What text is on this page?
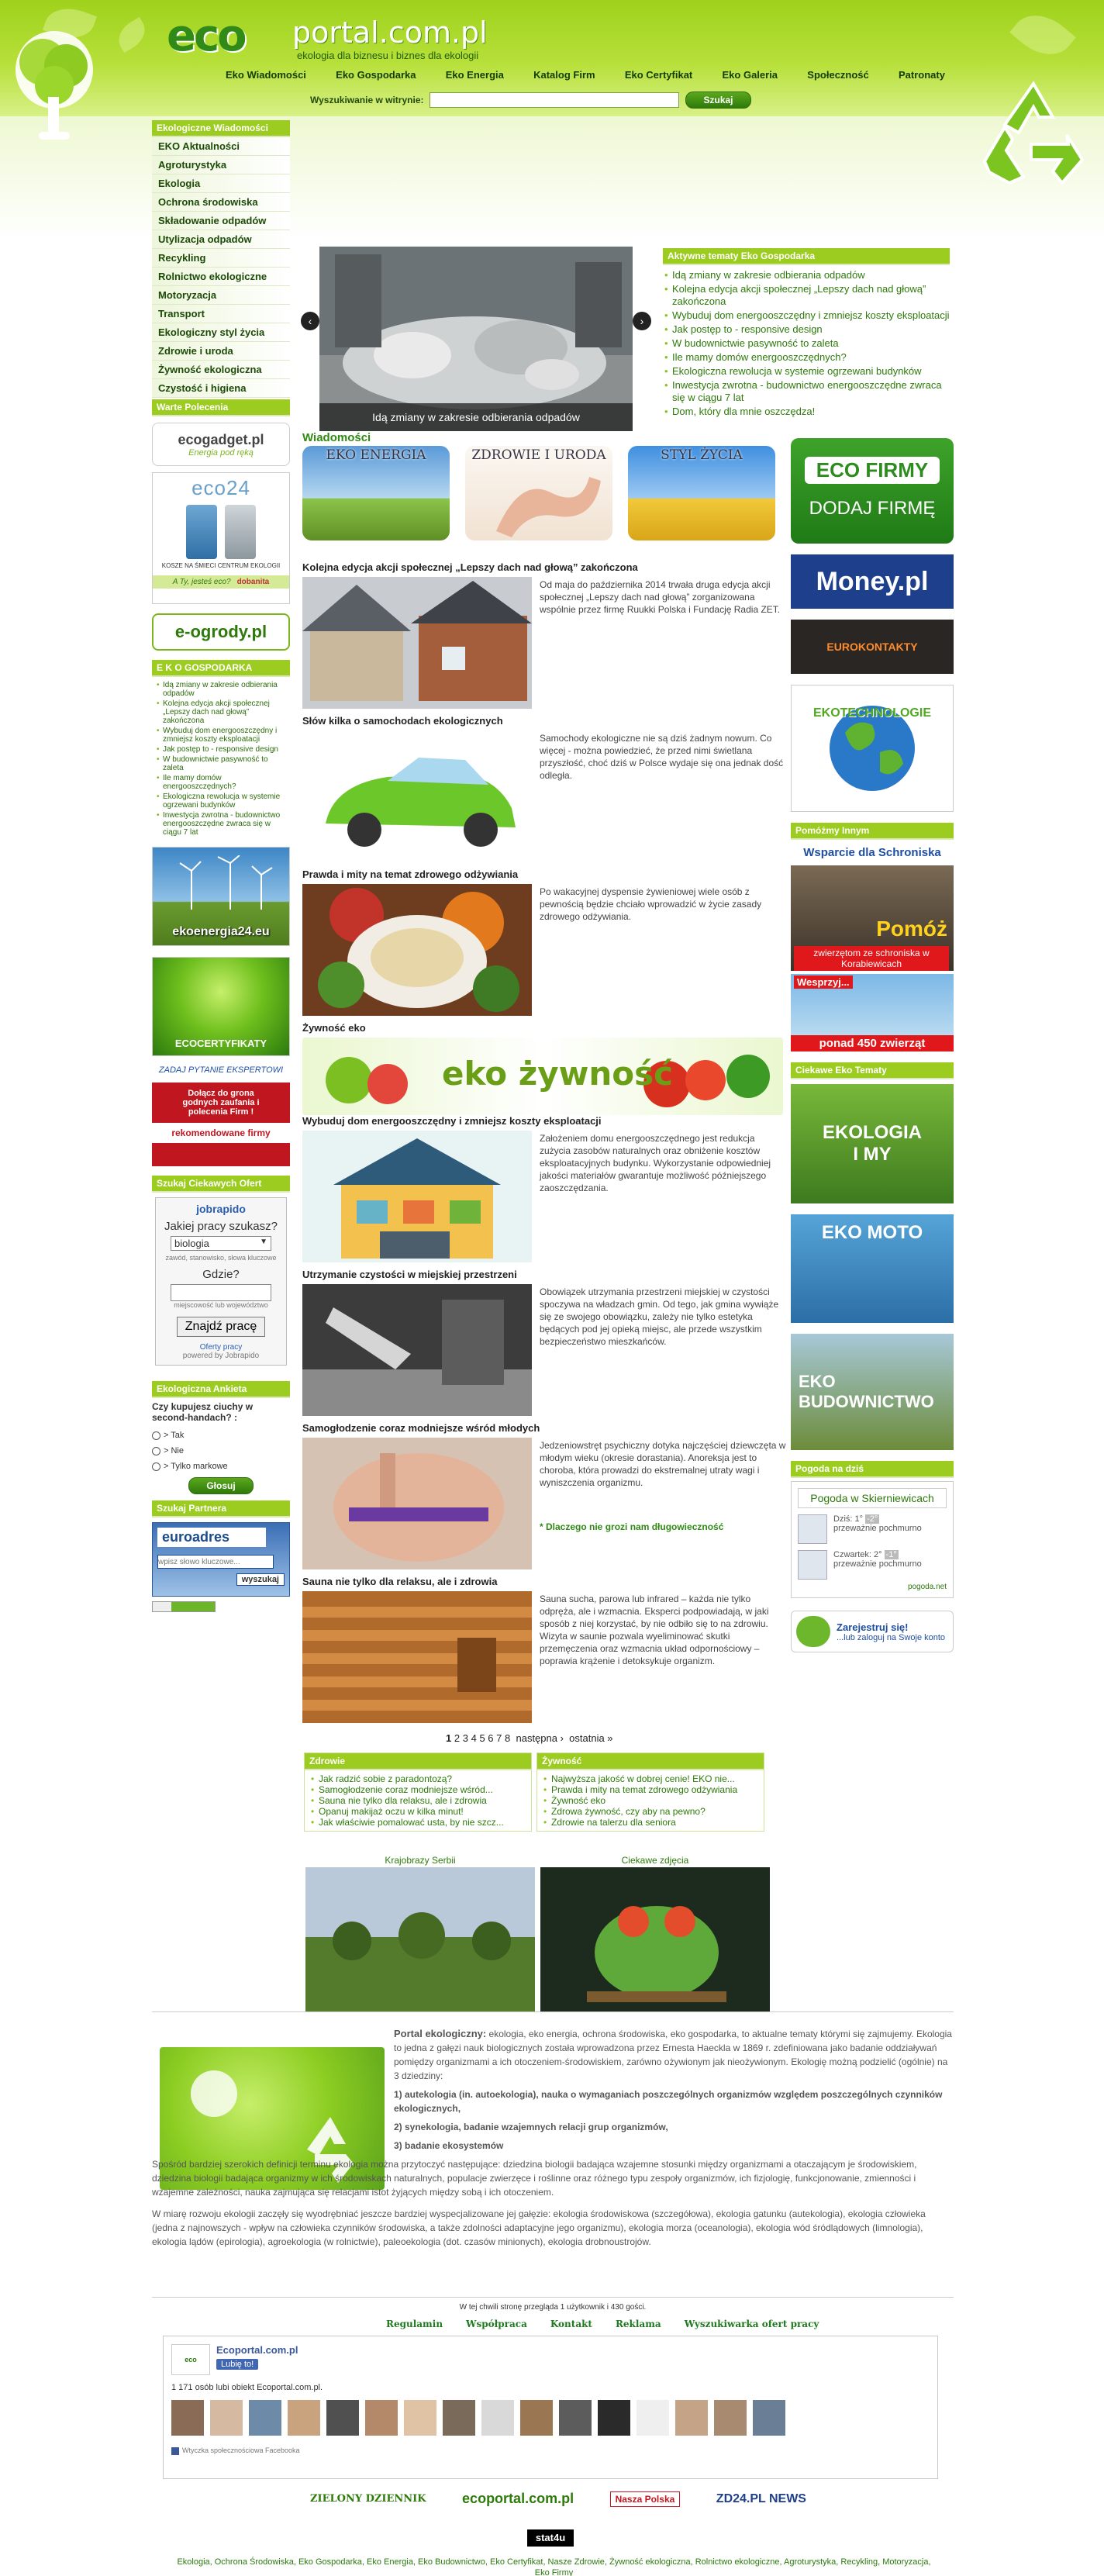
eco portal.com.pl
ekologia dla biznesu i biznes dla ekologii
Eko Wiadomości	Eko Gospodarka	Eko Energia	Katalog Firm	Eko Certyfikat	Eko Galeria	Społeczność	Patronaty
Wyszukiwanie w witrynie:	Szukaj
Ekologiczne Wiadomości
EKO Aktualności
Agroturystyka
Ekologia
Ochrona środowiska
Składowanie odpadów
Utylizacja odpadów
Recykling
Rolnictwo ekologiczne
Motoryzacja
Transport
Ekologiczny styl życia
Zdrowie i uroda
Żywność ekologiczna
Czystość i higiena
Warte Polecenia
ecogadget.pl
Energia pod ręką
eco24
KOSZE NA ŚMIECI CENTRUM EKOLOGII
A Ty, jesteś eco? dobanita
e-ogrody.pl
E K O GOSPODARKA
• Idą zmiany w zakresie odbierania odpadów
• Kolejna edycja akcji społecznej „Lepszy dach nad głową” zakończona
• Wybuduj dom energooszczędny i zmniejsz koszty eksploatacji
• Jak postęp to - responsive design
• W budownictwie pasywność to zaleta
• Ile mamy domów energooszczędnych?
• Ekologiczna rewolucja w systemie ogrzewani budynków
• Inwestycja zwrotna - budownictwo energooszczędne zwraca się w ciągu 7 lat
ekoenergia24.eu
ECOCERTYFIKATY
ZADAJ PYTANIE EKSPERTOWI
Dołącz do grona godnych zaufania i polecenia Firm !
rekomendowane firmy
Szukaj Ciekawych Ofert
jobrapido
Jakiej pracy szukasz?
biologia	▼
zawód, stanowisko, słowa kluczowe
Gdzie?
miejscowość lub województwo
Znajdź pracę
Oferty pracy
powered by Jobrapido
Ekologiczna Ankieta
Czy kupujesz ciuchy w second-handach? :
> Tak
> Nie
> Tylko markowe
Głosuj
Szukaj Partnera
euroadres
wpisz słowo kluczowe...
wyszukaj
Idą zmiany w zakresie odbierania odpadów
‹	›
Aktywne tematy Eko Gospodarka
• Idą zmiany w zakresie odbierania odpadów
• Kolejna edycja akcji społecznej „Lepszy dach nad głową” zakończona
• Wybuduj dom energooszczędny i zmniejsz koszty eksploatacji
• Jak postęp to - responsive design
• W budownictwie pasywność to zaleta
• Ile mamy domów energooszczędnych?
• Ekologiczna rewolucja w systemie ogrzewani budynków
• Inwestycja zwrotna - budownictwo energooszczędne zwraca się w ciągu 7 lat
• Dom, który dla mnie oszczędza!
Wiadomości
EKO ENERGIA	ZDROWIE I URODA	STYL ŻYCIA
Kolejna edycja akcji społecznej „Lepszy dach nad głową” zakończona

Od maja do października 2014 trwała druga edycja akcji społecznej „Lepszy dach nad głową” zorganizowana wspólnie przez firmę Ruukki Polska i Fundację Radia ZET.

Słów kilka o samochodach ekologicznych

Samochody ekologiczne nie są dziś żadnym nowum. Co więcej - można powiedzieć, że przed nimi świetlana przyszłość, choć dziś w Polsce wydaje się ona jednak dość odległa.

Prawda i mity na temat zdrowego odżywiania

Po wakacyjnej dyspensie żywieniowej wiele osób z pewnością będzie chciało wprowadzić w życie zasady zdrowego odżywiania.

Żywność eko
eko żywność
Wybuduj dom energooszczędny i zmniejsz koszty eksploatacji

Założeniem domu energooszczędnego jest redukcja zużycia zasobów naturalnych oraz obniżenie kosztów eksploatacyjnych budynku. Wykorzystanie odpowiedniej jakości materiałów gwarantuje możliwość późniejszego zaoszczędzania.

Utrzymanie czystości w miejskiej przestrzeni

Obowiązek utrzymania przestrzeni miejskiej w czystości spoczywa na władzach gmin. Od tego, jak gmina wywiąże się ze swojego obowiązku, zależy nie tylko estetyka będących pod jej opieką miejsc, ale przede wszystkim bezpieczeństwo mieszkańców.

Samogłodzenie coraz modniejsze wśród młodych

Jedzeniowstręt psychiczny dotyka najczęściej dziewczęta w młodym wieku (okresie dorastania). Anoreksja jest to choroba, która prowadzi do ekstremalnej utraty wagi i wyniszczenia organizmu.

* Dlaczego nie grozi nam długowieczność
Sauna nie tylko dla relaksu, ale i zdrowia

Sauna sucha, parowa lub infrared – każda nie tylko odpręża, ale i wzmacnia. Eksperci podpowiadają, w jaki sposób z niej korzystać, by nie odbiło się to na zdrowiu. Wizyta w saunie pozwala wyeliminować skutki przemęczenia oraz wzmacnia układ odpornościowy – poprawia krążenie i detoksykuje organizm.

1 2 3 4 5 6 7 8 następna › ostatnia »
Zdrowie
• Jak radzić sobie z paradontozą?
• Samogłodzenie coraz modniejsze wśród...
• Sauna nie tylko dla relaksu, ale i zdrowia
• Opanuj makijaż oczu w kilka minut!
• Jak właściwie pomalować usta, by nie szcz...
Żywność
• Najwyższa jakość w dobrej cenie! EKO nie...
• Prawda i mity na temat zdrowego odżywiania
• Żywność eko
• Zdrowa żywność, czy aby na pewno?
• Zdrowie na talerzu dla seniora
Krajobrazy Serbii	Ciekawe zdjęcia
ECO FIRMY
DODAJ FIRMĘ
Money.pl
EUROKONTAKTY
EKOTECHNOLOGIE
Pomóżmy Innym
Wsparcie dla Schroniska
Pomóż
zwierzętom ze schroniska w Korabiewicach
Wesprzyj...
ponad 450 zwierząt
Ciekawe Eko Tematy
EKOLOGIA I MY
EKO MOTO
EKO BUDOWNICTWO
Pogoda na dziś
Pogoda w Skierniewicach
Dziś: 1° -2°
przeważnie pochmurno
Czwartek: 2° -1°
przeważnie pochmurno
pogoda.net
Zarejestruj się!
...lub zaloguj na Swoje konto
Portal ekologiczny: ekologia, eko energia, ochrona środowiska, eko gospodarka, to aktualne tematy którymi się zajmujemy. Ekologia to jedna z gałęzi nauk biologicznych została wprowadzona przez Ernesta Haeckla w 1869 r. zdefiniowana jako badanie oddziaływań pomiędzy organizmami a ich otoczeniem-środowiskiem, zarówno ożywionym jak nieożywionym. Ekologię możną podzielić (ogólnie) na 3 dziedziny:
1) autekologia (in. autoekologia), nauka o wymaganiach poszczególnych organizmów względem poszczególnych czynników ekologicznych,
2) synekologia, badanie wzajemnych relacji grup organizmów,
3) badanie ekosystemów
Spośród bardziej szerokich definicji terminu ekologia można przytoczyć następujące: dziedzina biologii badająca wzajemne stosunki między organizmami a otaczającym je środowiskiem, dziedzina biologii badająca organizmy w ich środowiskach naturalnych, populacje zwierzęce i roślinne oraz różnego typu zespoły organizmów, ich fizjologię, funkcjonowanie, zmienności i wzajemne zależności, nauka zajmująca się relacjami istot żyjących między sobą i ich otoczeniem.
W miarę rozwoju ekologii zaczęły się wyodrębniać jeszcze bardziej wyspecjalizowane jej gałęzie: ekologia środowiskowa (szczegółowa), ekologia gatunku (autekologia), ekologia człowieka (jedna z najnowszych - wpływ na człowieka czynników środowiska, a także zdolności adaptacyjne jego organizmu), ekologia morza (oceanologia), ekologia wód śródlądowych (limnologia), ekologia lądów (epirologia), agroekologia (w rolnictwie), paleoekologia (dot. czasów minionych), ekologia drobnoustrojów.
W tej chwili stronę przegląda 1 użytkownik i 430 gości.
Regulamin	Współpraca	Kontakt	Reklama	Wyszukiwarka ofert pracy
eco
Ecoportal.com.pl
Lubię to!
1 171 osób lubi obiekt Ecoportal.com.pl.
Wtyczka społecznościowa Facebooka
ZIELONY DZIENNIK	ecoportal.com.pl	Nasza Polska	ZD24.PL NEWS
stat4u
Ekologia, Ochrona Środowiska, Eko Gospodarka, Eko Energia, Eko Budownictwo, Eko Certyfikat, Nasze Zdrowie, Żywność ekologiczna, Rolnictwo ekologiczne, Agroturystyka, Recykling, Motoryzacja, Eko Firmy
